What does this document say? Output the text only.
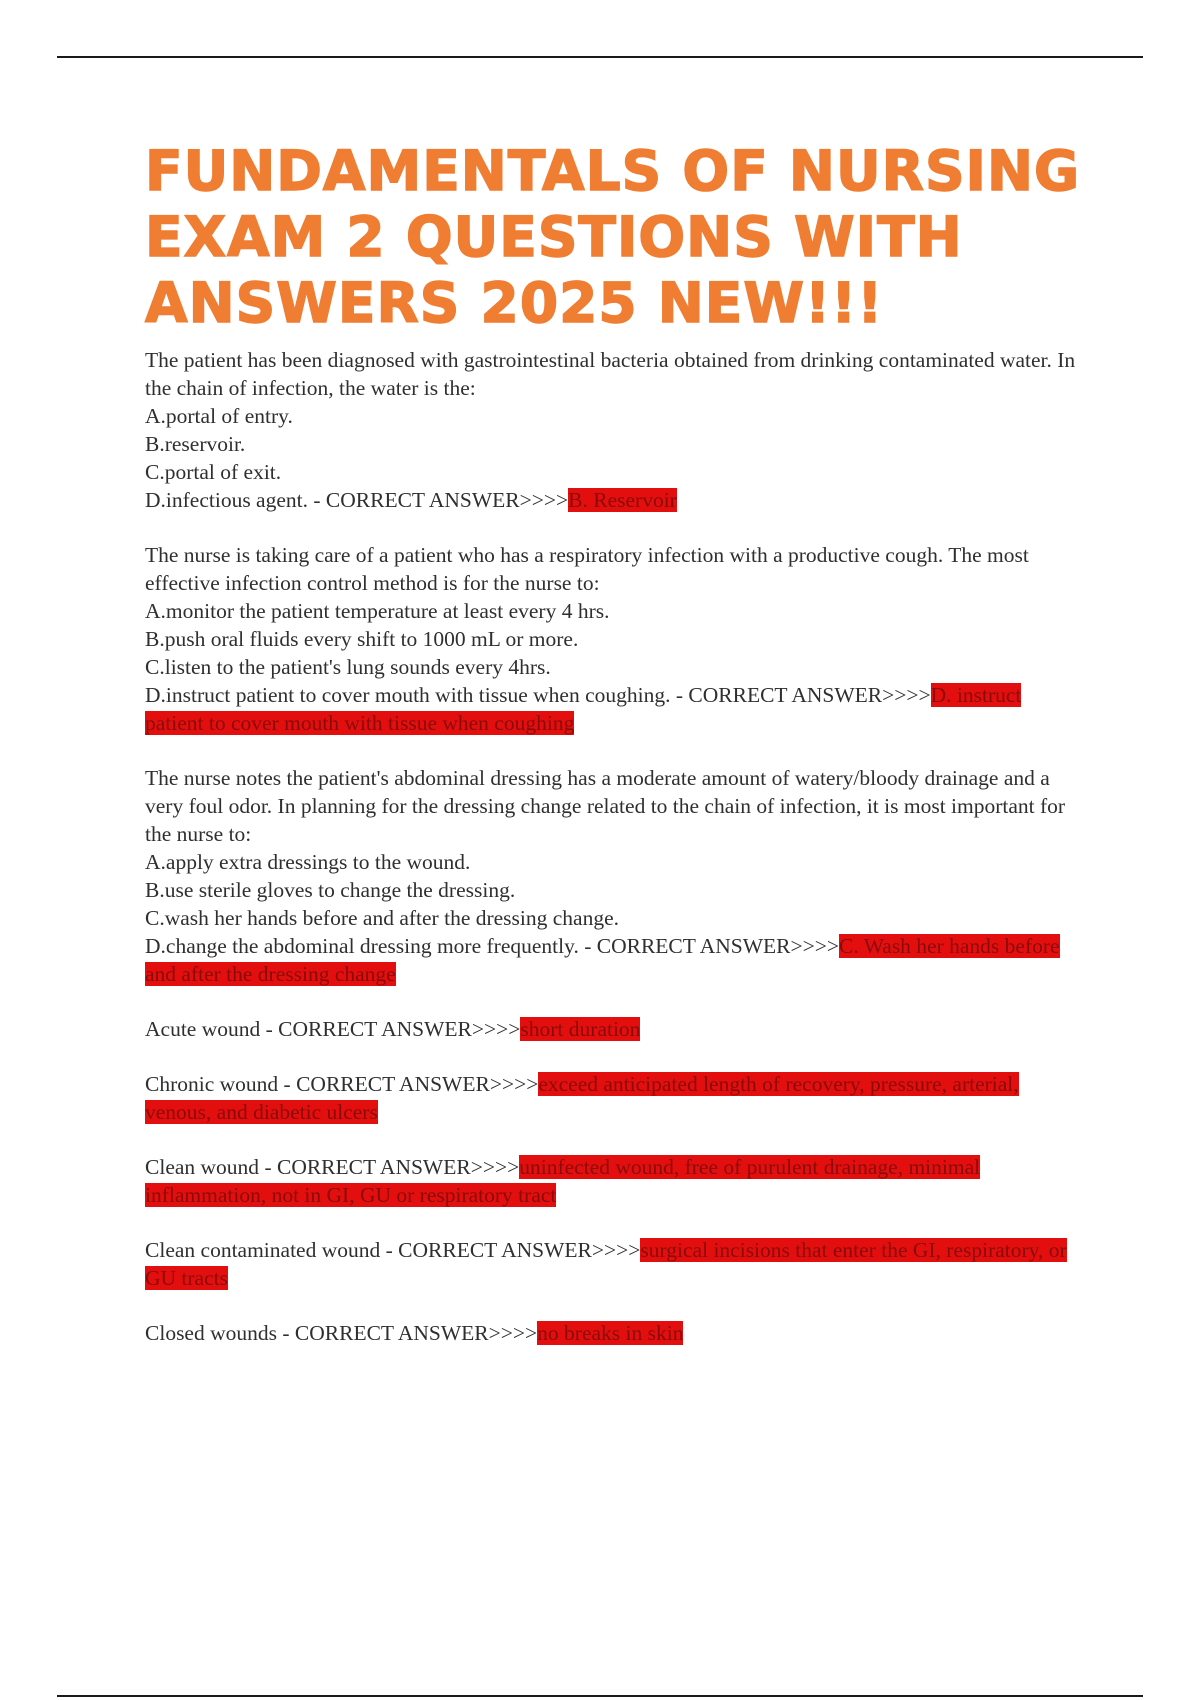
FUNDAMENTALS OF NURSING EXAM 2 QUESTIONS WITH ANSWERS 2025 NEW!!!
The patient has been diagnosed with gastrointestinal bacteria obtained from drinking contaminated water. In the chain of infection, the water is the:
A.portal of entry.
B.reservoir.
C.portal of exit.
D.infectious agent. - CORRECT ANSWER>>>>B. Reservoir
The nurse is taking care of a patient who has a respiratory infection with a productive cough. The most effective infection control method is for the nurse to:
A.monitor the patient temperature at least every 4 hrs.
B.push oral fluids every shift to 1000 mL or more.
C.listen to the patient's lung sounds every 4hrs.
D.instruct patient to cover mouth with tissue when coughing. - CORRECT ANSWER>>>>D. instruct patient to cover mouth with tissue when coughing
The nurse notes the patient's abdominal dressing has a moderate amount of watery/bloody drainage and a very foul odor. In planning for the dressing change related to the chain of infection, it is most important for the nurse to:
A.apply extra dressings to the wound.
B.use sterile gloves to change the dressing.
C.wash her hands before and after the dressing change.
D.change the abdominal dressing more frequently. - CORRECT ANSWER>>>>C. Wash her hands before and after the dressing change
Acute wound - CORRECT ANSWER>>>>short duration
Chronic wound - CORRECT ANSWER>>>>exceed anticipated length of recovery, pressure, arterial, venous, and diabetic ulcers
Clean wound - CORRECT ANSWER>>>>uninfected wound, free of purulent drainage, minimal inflammation, not in GI, GU or respiratory tract
Clean contaminated wound - CORRECT ANSWER>>>>surgical incisions that enter the GI, respiratory, or GU tracts
Closed wounds - CORRECT ANSWER>>>>no breaks in skin
